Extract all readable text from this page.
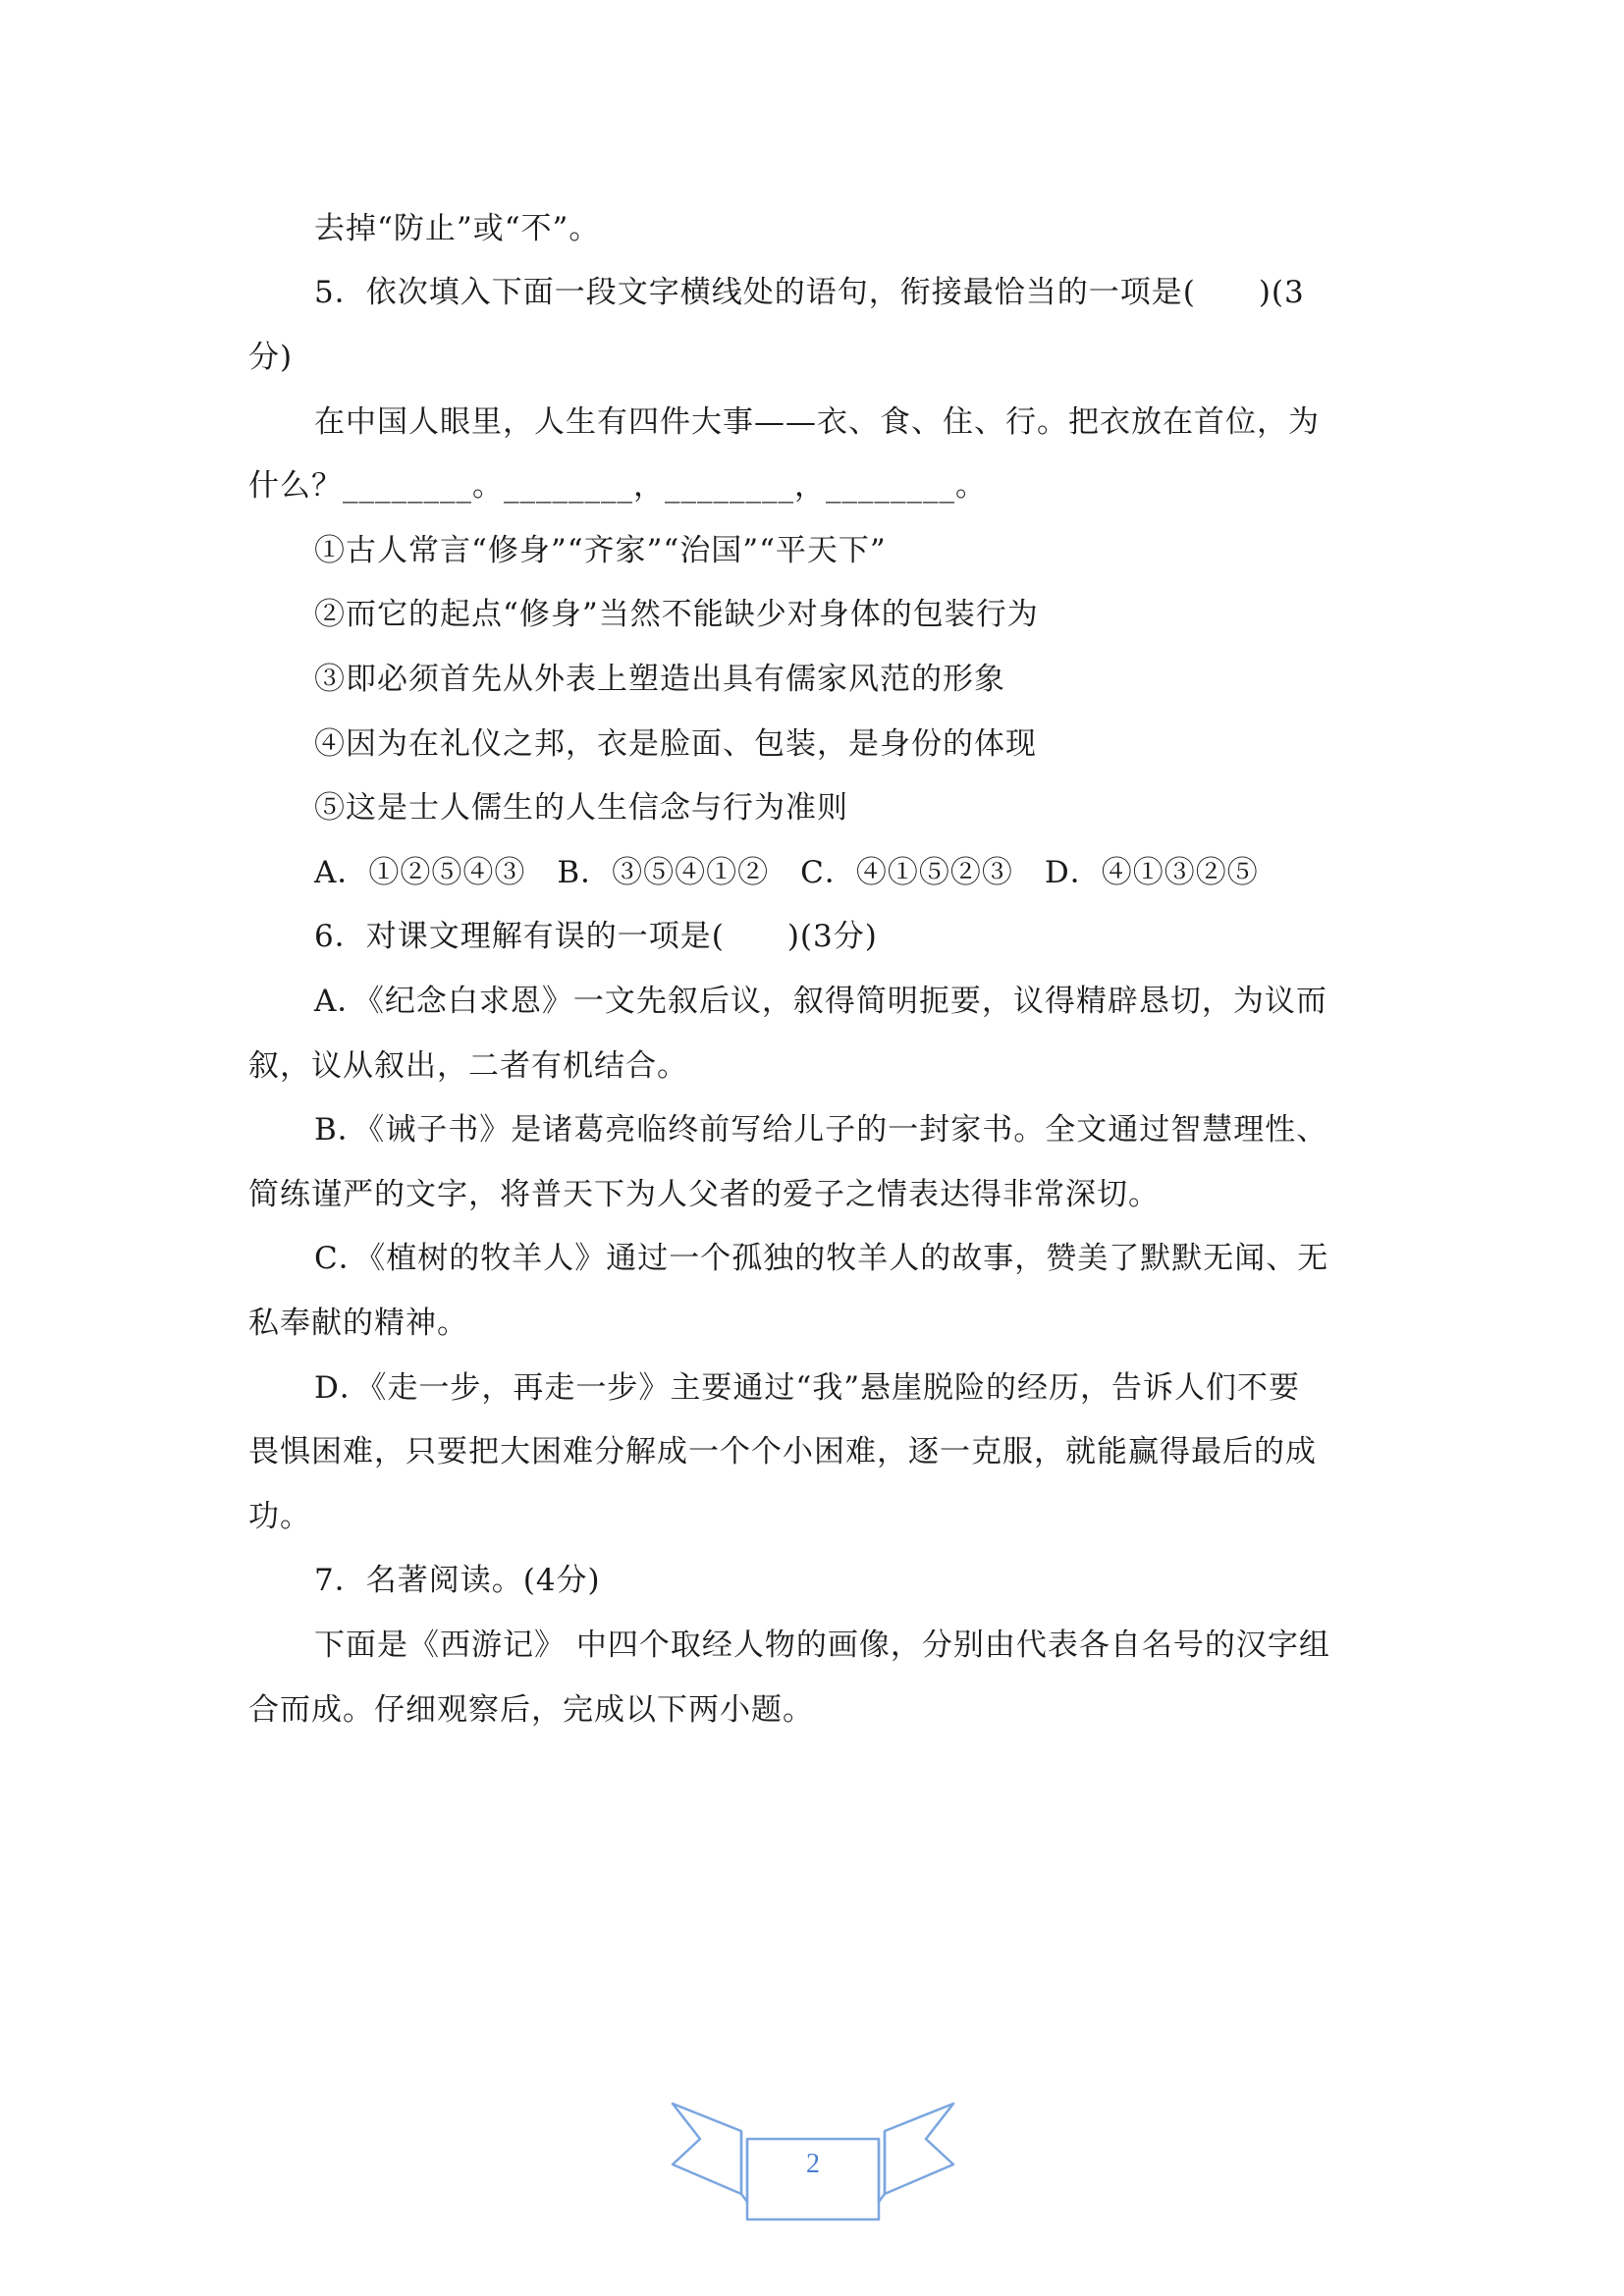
去掉“防止”或“不”。
5．依次填入下面一段文字横线处的语句，衔接最恰当的一项是(　　)(3
分)
在中国人眼里，人生有四件大事——衣、食、住、行。把衣放在首位，为
什么？________。________，________，________。
①古人常言“修身”“齐家”“治国”“平天下”
②而它的起点“修身”当然不能缺少对身体的包装行为
③即必须首先从外表上塑造出具有儒家风范的形象
④因为在礼仪之邦，衣是脸面、包装，是身份的体现
⑤这是士人儒生的人生信念与行为准则
A．①②⑤④③　B．③⑤④①②　C．④①⑤②③　D．④①③②⑤
6．对课文理解有误的一项是(　　)(3分)
A．《纪念白求恩》一文先叙后议，叙得简明扼要，议得精辟恳切，为议而
叙，议从叙出，二者有机结合。
B．《诫子书》是诸葛亮临终前写给儿子的一封家书。全文通过智慧理性、
简练谨严的文字，将普天下为人父者的爱子之情表达得非常深切。
C．《植树的牧羊人》通过一个孤独的牧羊人的故事，赞美了默默无闻、无
私奉献的精神。
D．《走一步，再走一步》主要通过“我”悬崖脱险的经历，告诉人们不要
畏惧困难，只要把大困难分解成一个个小困难，逐一克服，就能赢得最后的成
功。
7．名著阅读。(4分)
下面是《西游记》 中四个取经人物的画像，分别由代表各自名号的汉字组
合而成。仔细观察后，完成以下两小题。
2
